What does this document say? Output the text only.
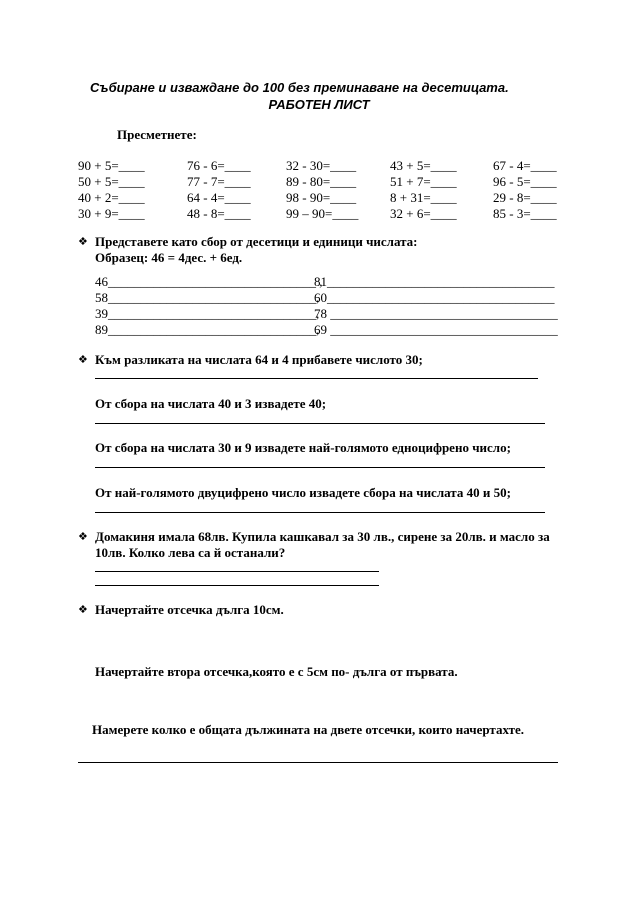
Събиране и изваждане до 100 без преминаване на десетицата.
РАБОТЕН ЛИСТ
Пресметнете:
90 + 5=____
50 + 5=____
40 + 2=____
30 + 9=____
76 - 6=____
77 - 7=____
64 - 4=____
48 - 8=____
32 - 30=____
89 - 80=____
98 - 90=____
99 – 90=____
43 + 5=____
51 + 7=____
8 + 31=____
32 + 6=____
67 - 4=____
96 - 5=____
29 - 8=____
85 - 3=____
❖ Представете като сбор от десетици и единици числата:
Образец: 46 = 4дес. + 6ед.
46________________________________ ,
58________________________________,
39________________________________,
89________________________________,
81___________________________________
60___________________________________
78 ___________________________________
69 ___________________________________
❖ Към разликата на числата 64 и 4 прибавете числото 30;
От сбора на числата 40 и 3 извадете 40;
От сбора на числата 30 и 9 извадете най-голямото едноцифрено число;
От най-голямото двуцифрено число извадете сбора на числата 40 и 50;
❖ Домакиня имала 68лв. Купила кашкавал за 30 лв., сирене за 20лв. и масло за
10лв. Колко лева са й останали?
❖ Начертайте отсечка дълга 10см.
Начертайте втора отсечка,която е с 5см по- дълга от първата.
Намерете колко е общата дължината на двете отсечки, които начертахте.
